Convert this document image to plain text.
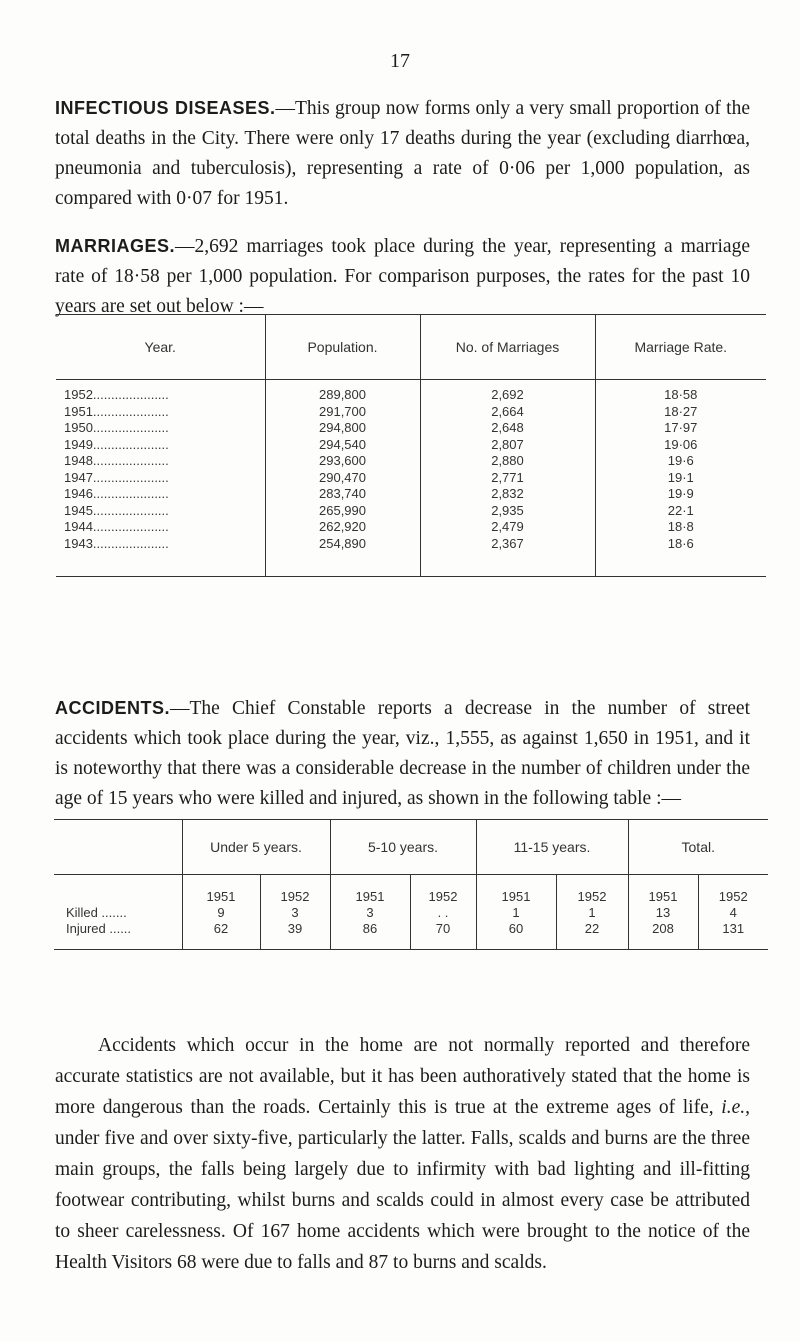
17
INFECTIOUS DISEASES.—This group now forms only a very small proportion of the total deaths in the City. There were only 17 deaths during the year (excluding diarrhœa, pneumonia and tuberculosis), representing a rate of 0·06 per 1,000 population, as compared with 0·07 for 1951.
MARRIAGES.—2,692 marriages took place during the year, representing a marriage rate of 18·58 per 1,000 population. For comparison purposes, the rates for the past 10 years are set out below :—
Year.	Population.	No. of Marriages	Marriage Rate.
1952.....................	289,800	2,692	18·58
1951.....................	291,700	2,664	18·27
1950.....................	294,800	2,648	17·97
1949.....................	294,540	2,807	19·06
1948.....................	293,600	2,880	19·6
1947.....................	290,470	2,771	19·1
1946.....................	283,740	2,832	19·9
1945.....................	265,990	2,935	22·1
1944.....................	262,920	2,479	18·8
1943.....................	254,890	2,367	18·6
ACCIDENTS.—The Chief Constable reports a decrease in the number of street accidents which took place during the year, viz., 1,555, as against 1,650 in 1951, and it is noteworthy that there was a considerable decrease in the number of children under the age of 15 years who were killed and injured, as shown in the following table :—
	Under 5 years.		5-10 years.		11-15 years.		Total.	
	1951	1952	1951	1952	1951	1952	1951	1952
Killed .......	9	3	3	. .	1	1	13	4
Injured ......	62	39	86	70	60	22	208	131
Accidents which occur in the home are not normally reported and therefore accurate statistics are not available, but it has been authoratively stated that the home is more dangerous than the roads. Certainly this is true at the extreme ages of life, i.e., under five and over sixty-five, particularly the latter. Falls, scalds and burns are the three main groups, the falls being largely due to infirmity with bad lighting and ill-fitting footwear contributing, whilst burns and scalds could in almost every case be attributed to sheer carelessness. Of 167 home accidents which were brought to the notice of the Health Visitors 68 were due to falls and 87 to burns and scalds.
